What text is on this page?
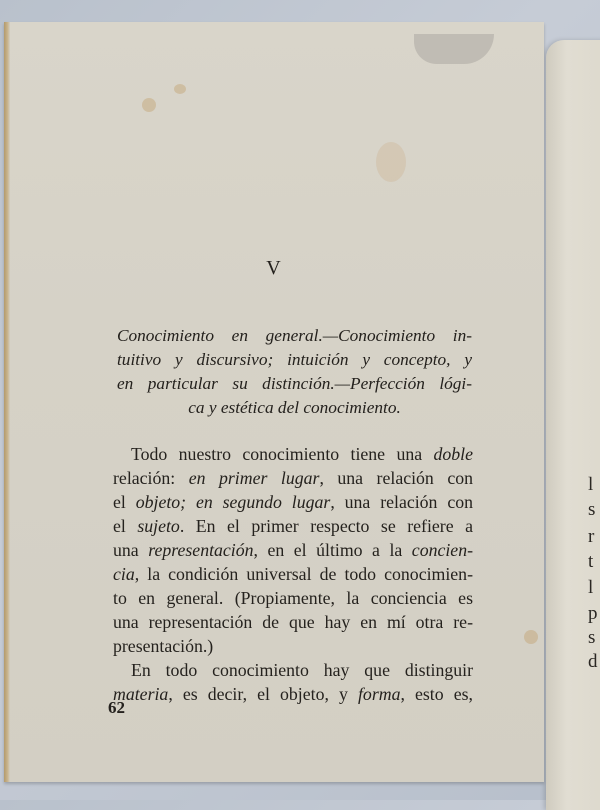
l
s
r
t
l
p
s
d
V
Conocimiento en general.—Conocimiento in-
tuitivo y discursivo; intuición y concepto, y
en particular su distinción.—Perfección lógi-
ca y estética del conocimiento.
Todo nuestro conocimiento tiene una doble
relación: en primer lugar, una relación con
el objeto; en segundo lugar, una relación con
el sujeto. En el primer respecto se refiere a
una representación, en el último a la concien-
cia, la condición universal de todo conocimien-
to en general. (Propiamente, la conciencia es
una representación de que hay en mí otra re-
presentación.)
En todo conocimiento hay que distinguir
materia, es decir, el objeto, y forma, esto es,
62
